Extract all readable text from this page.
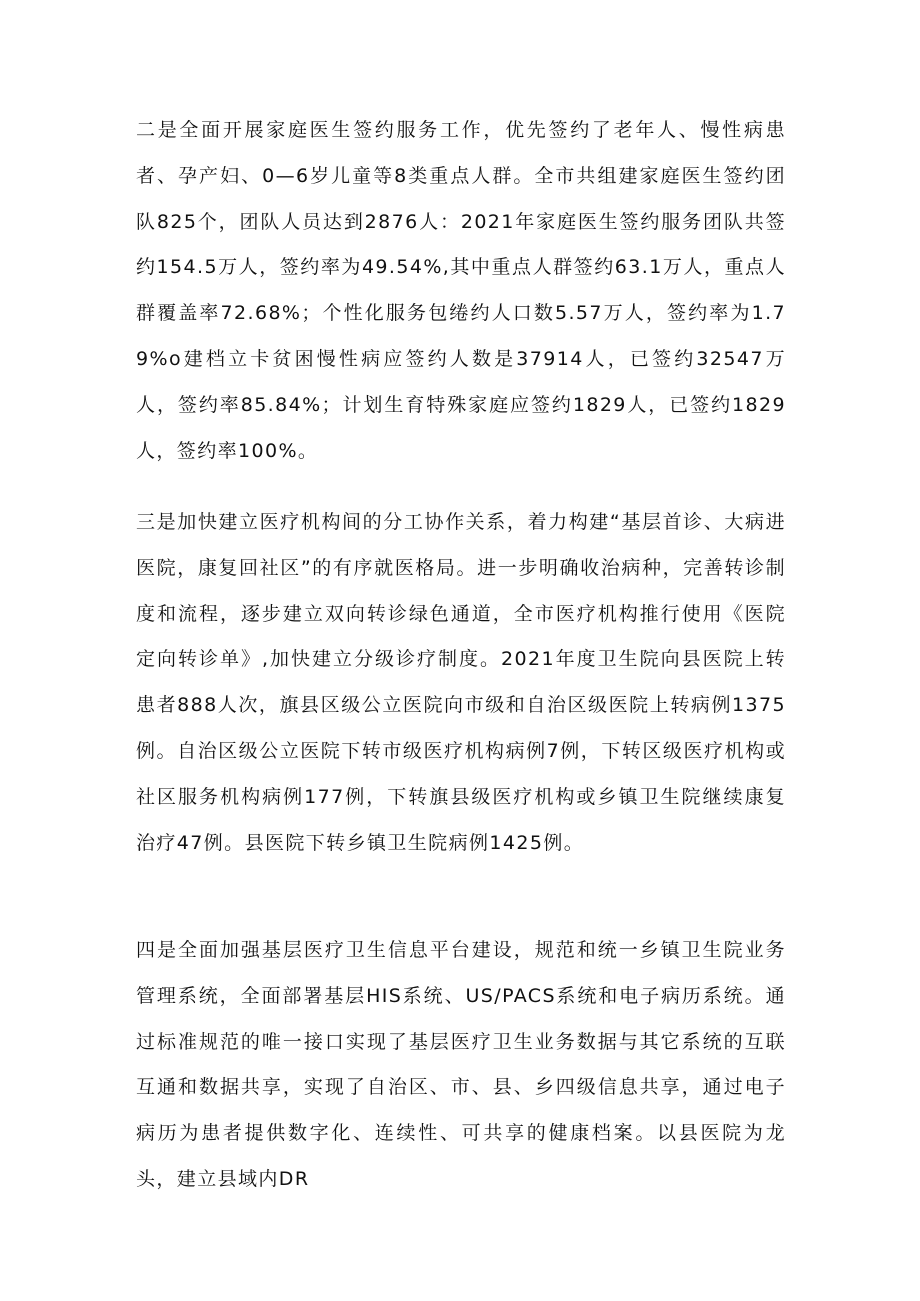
二是全面开展家庭医生签约服务工作，优先签约了老年人、慢性病患者、孕产妇、0—6岁儿童等8类重点人群。全市共组建家庭医生签约团队825个，团队人员达到2876人：2021年家庭医生签约服务团队共签约154.5万人，签约率为49.54%,其中重点人群签约63.1万人，重点人群覆盖率72.68%；个性化服务包绻约人口数5.57万人，签约率为1.79%o建档立卡贫困慢性病应签约人数是37914人，已签约32547万人，签约率85.84%；计划生育特殊家庭应签约1829人，已签约1829人，签约率100%。

三是加快建立医疗机构间的分工协作关系，着力构建“基层首诊、大病进医院，康复回社区”的有序就医格局。进一步明确收治病种，完善转诊制度和流程，逐步建立双向转诊绿色通道，全市医疗机构推行使用《医院定向转诊单》,加快建立分级诊疗制度。2021年度卫生院向县医院上转患者888人次，旗县区级公立医院向市级和自治区级医院上转病例1375例。自治区级公立医院下转市级医疗机构病例7例，下转区级医疗机构或社区服务机构病例177例，下转旗县级医疗机构或乡镇卫生院继续康复治疗47例。县医院下转乡镇卫生院病例1425例。

四是全面加强基层医疗卫生信息平台建设，规范和统一乡镇卫生院业务管理系统，全面部署基层HIS系统、US/PACS系统和电子病历系统。通过标准规范的唯一接口实现了基层医疗卫生业务数据与其它系统的互联互通和数据共享，实现了自治区、市、县、乡四级信息共享，通过电子病历为患者提供数字化、连续性、可共享的健康档案。以县医院为龙头，建立县域内DR
